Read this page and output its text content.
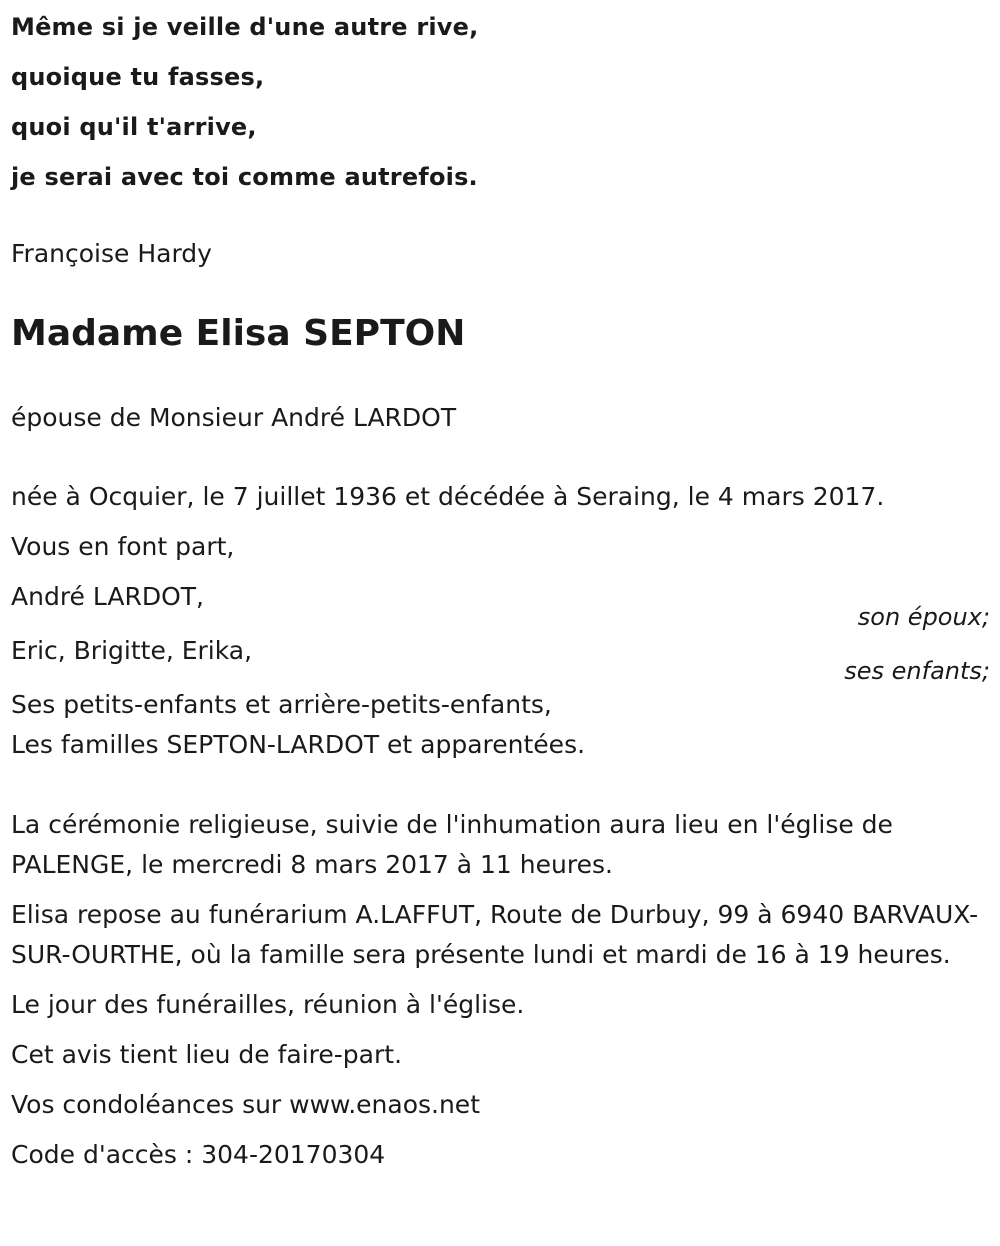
Même si je veille d'une autre rive,
quoique tu fasses,
quoi qu'il t'arrive,
je serai avec toi comme autrefois.
Françoise Hardy
Madame Elisa SEPTON
épouse de Monsieur André LARDOT
née à Ocquier, le 7 juillet 1936 et décédée à Seraing, le 4 mars 2017.
Vous en font part,
André LARDOT,
son époux;
Eric, Brigitte, Erika,
ses enfants;
Ses petits-enfants et arrière-petits-enfants,
Les familles SEPTON-LARDOT et apparentées.
La cérémonie religieuse, suivie de l'inhumation aura lieu en l'église de PALENGE, le mercredi 8 mars 2017 à 11 heures.
Elisa repose au funérarium A.LAFFUT, Route de Durbuy, 99 à 6940 BARVAUX-SUR-OURTHE, où la famille sera présente lundi et mardi de 16 à 19 heures.
Le jour des funérailles, réunion à l'église.
Cet avis tient lieu de faire-part.
Vos condoléances sur www.enaos.net
Code d'accès : 304-20170304
